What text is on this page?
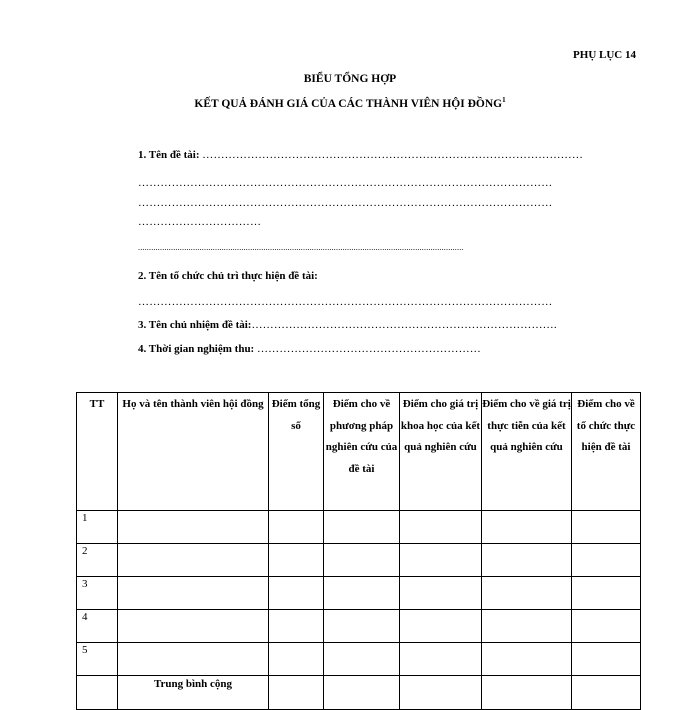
PHỤ LỤC 14
BIỂU TỔNG HỢP
KẾT QUẢ ĐÁNH GIÁ CỦA CÁC THÀNH VIÊN HỘI ĐỒNG$^1$
1. Tên đề tài: …………………………………………………………………………………………
…………………………………………………………………………………………………
…………………………………………………………………………………………………
……………………………
....................................................................................................................................................
2. Tên tổ chức chủ trì thực hiện đề tài:
…………………………………………………………………………………………………
3. Tên chủ nhiệm đề tài:……………………………………………………………………….
4. Thời gian nghiệm thu: ……………………………………………………
TT	Họ và tên thành viên hội đồng	Điểm tổng số	Điểm cho về phương pháp nghiên cứu của đề tài	Điểm cho giá trị khoa học của kết quả nghiên cứu	Điểm cho về giá trị thực tiễn của kết quả nghiên cứu	Điểm cho về tổ chức thực hiện đề tài
1						
2						
3						
4						
5						
	Trung bình cộng					
